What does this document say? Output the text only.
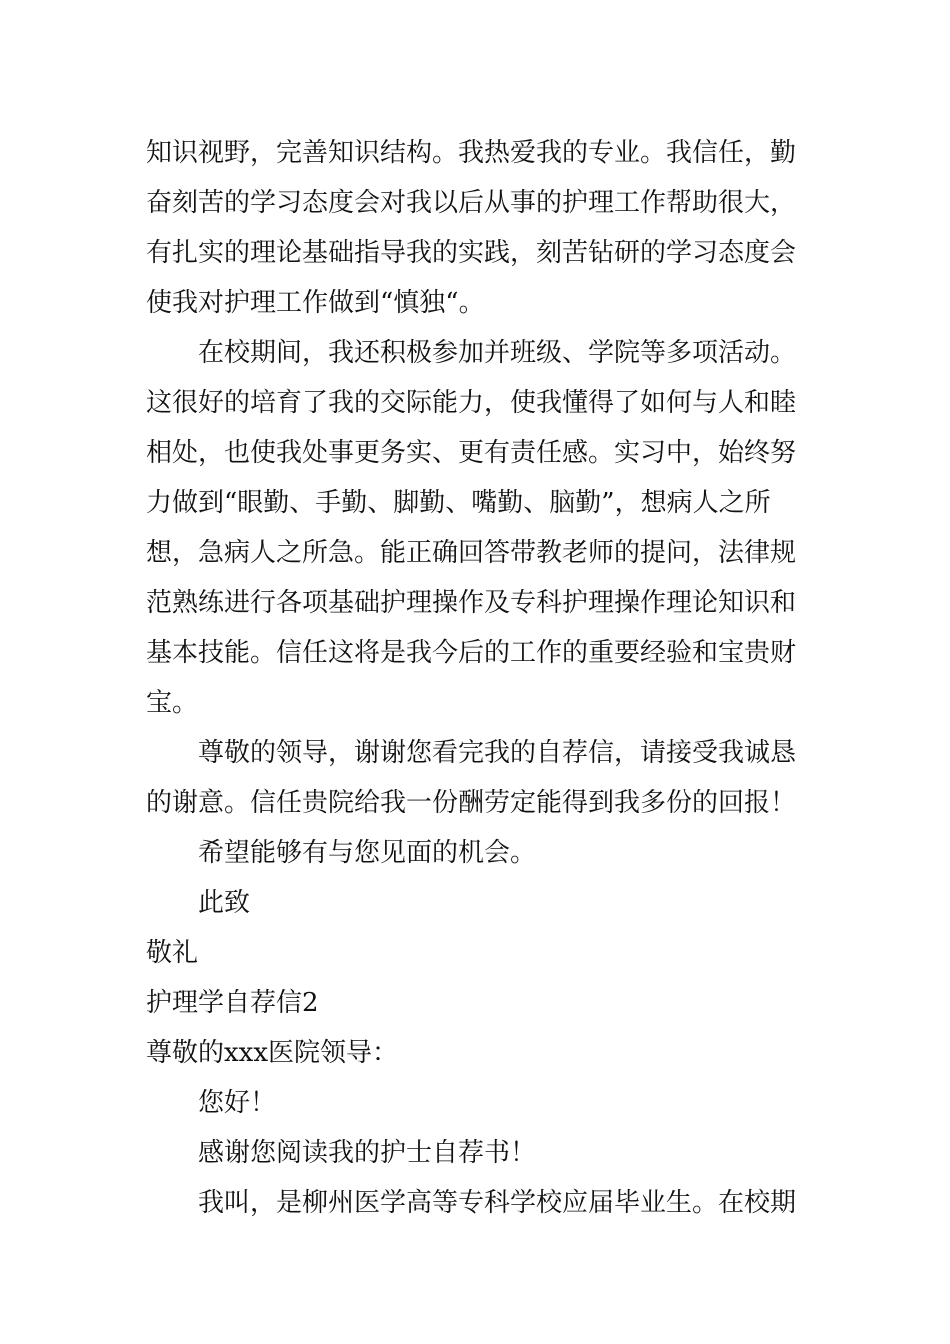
知识视野，完善知识结构。我热爱我的专业。我信任，勤奋刻苦的学习态度会对我以后从事的护理工作帮助很大，有扎实的理论基础指导我的实践，刻苦钻研的学习态度会使我对护理工作做到“慎独“。

在校期间，我还积极参加并班级、学院等多项活动。这很好的培育了我的交际能力，使我懂得了如何与人和睦相处，也使我处事更务实、更有责任感。实习中，始终努力做到“眼勤、手勤、脚勤、嘴勤、脑勤”，想病人之所想，急病人之所急。能正确回答带教老师的提问，法律规范熟练进行各项基础护理操作及专科护理操作理论知识和基本技能。信任这将是我今后的工作的重要经验和宝贵财宝。

尊敬的领导，谢谢您看完我的自荐信，请接受我诚恳的谢意。信任贵院给我一份酬劳定能得到我多份的回报！

希望能够有与您见面的机会。

此致

敬礼

护理学自荐信2

尊敬的xxx医院领导：

您好！

感谢您阅读我的护士自荐书！

我叫，是柳州医学高等专科学校应届毕业生。在校期
